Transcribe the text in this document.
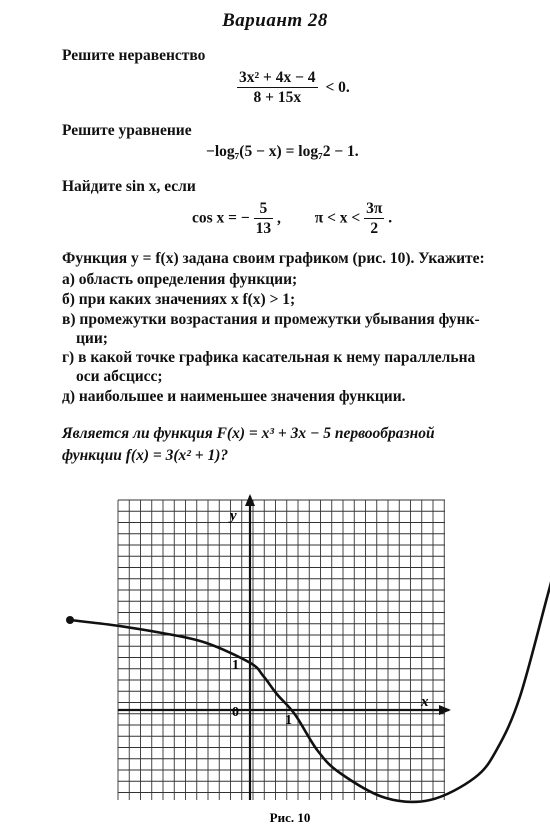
Вариант 28
Решите неравенство
$\frac{\text{3x² + 4x − 4}}{8 + 15x} < 0$.
Решите уравнение
−log₇(5 − x) = log₇2 − 1.
Найдите sin x, если
cos x = − $\frac{5}{13}$ , $\pi < x < \frac{3\pi}{2}$ .
Функция y = f(x) задана своим графиком (рис. 10). Укажите:
а) область определения функции;
б) при каких значениях x f(x) > 1;
в) промежутки возрастания и промежутки убывания функ-
ции;
г) в какой точке графика касательная к нему параллельна
оси абсцисс;
д) наибольшее и наименьшее значения функции.
Является ли функция F(x) = x³ + 3x − 5 первообразной
функции f(x) = 3(x² + 1)?
x
y
0
1
1
Рис. 10
